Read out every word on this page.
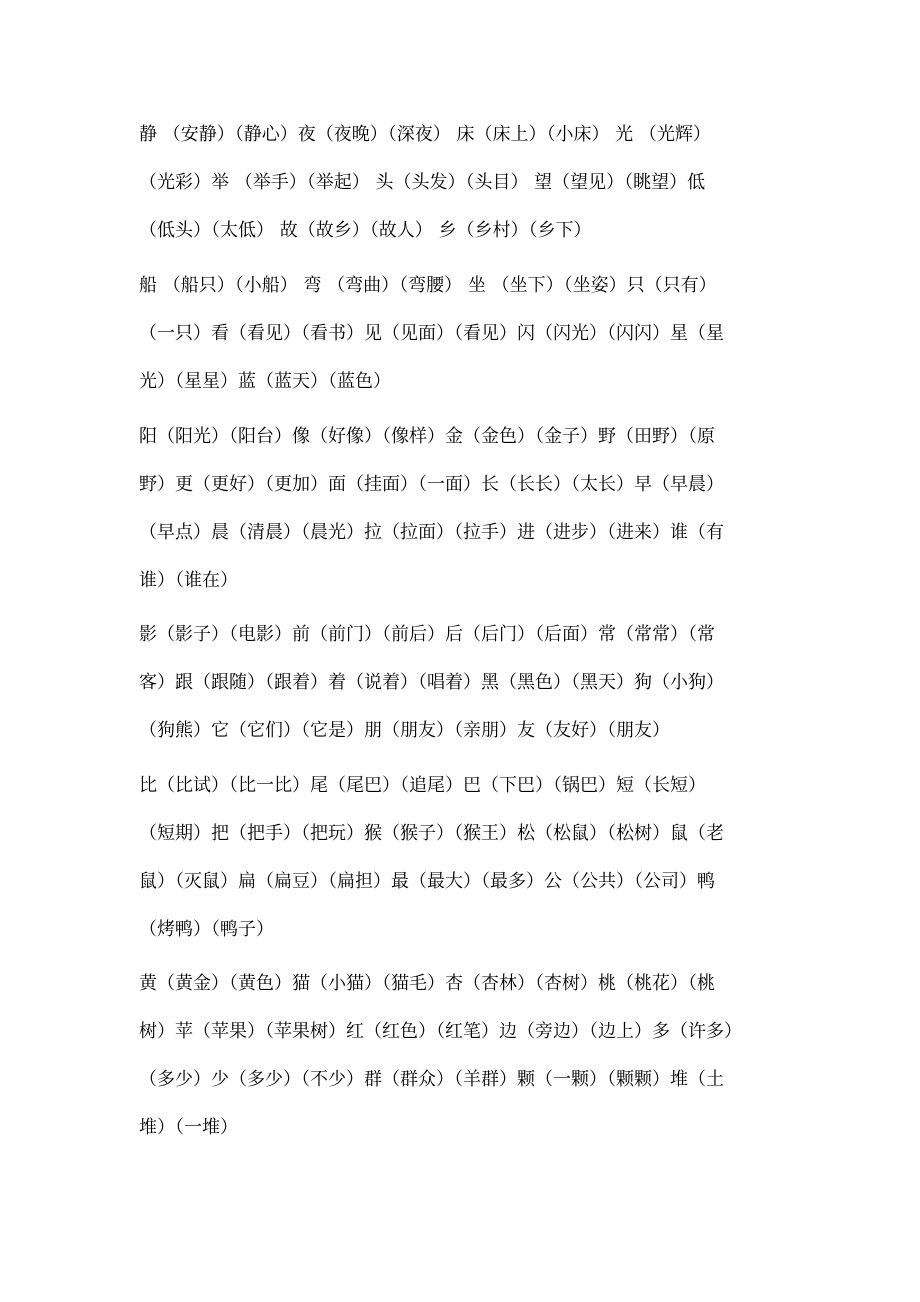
静 （安静）（静心）夜（夜晚）（深夜） 床（床上）（小床） 光 （光辉）
（光彩）举 （举手）（举起） 头（头发）（头目） 望（望见）（眺望）低
（低头）（太低） 故（故乡）（故人） 乡（乡村）（乡下）
船 （船只）（小船） 弯 （弯曲）（弯腰） 坐 （坐下）（坐姿）只（只有）
（一只）看（看见）（看书）见（见面）（看见）闪（闪光）（闪闪）星（星
光）（星星）蓝（蓝天）（蓝色）
阳（阳光）（阳台）像（好像）（像样）金（金色）（金子）野（田野）（原
野）更（更好）（更加）面（挂面）（一面）长（长长）（太长）早（早晨）
（早点）晨（清晨）（晨光）拉（拉面）（拉手）进（进步）（进来）谁（有
谁）（谁在）
影（影子）（电影）前（前门）（前后）后（后门）（后面）常（常常）（常
客）跟（跟随）（跟着）着（说着）（唱着）黑（黑色）（黑天）狗（小狗）
（狗熊）它（它们）（它是）朋（朋友）（亲朋）友（友好）（朋友）
比（比试）（比一比）尾（尾巴）（追尾）巴（下巴）（锅巴）短（长短）
（短期）把（把手）（把玩）猴（猴子）（猴王）松（松鼠）（松树）鼠（老
鼠）（灭鼠）扁（扁豆）（扁担）最（最大）（最多）公（公共）（公司）鸭
（烤鸭）（鸭子）
黄（黄金）（黄色）猫（小猫）（猫毛）杏（杏林）（杏树）桃（桃花）（桃
树）苹（苹果）（苹果树）红（红色）（红笔）边（旁边）（边上）多（许多）
（多少）少（多少）（不少）群（群众）（羊群）颗（一颗）（颗颗）堆（土
堆）（一堆）
